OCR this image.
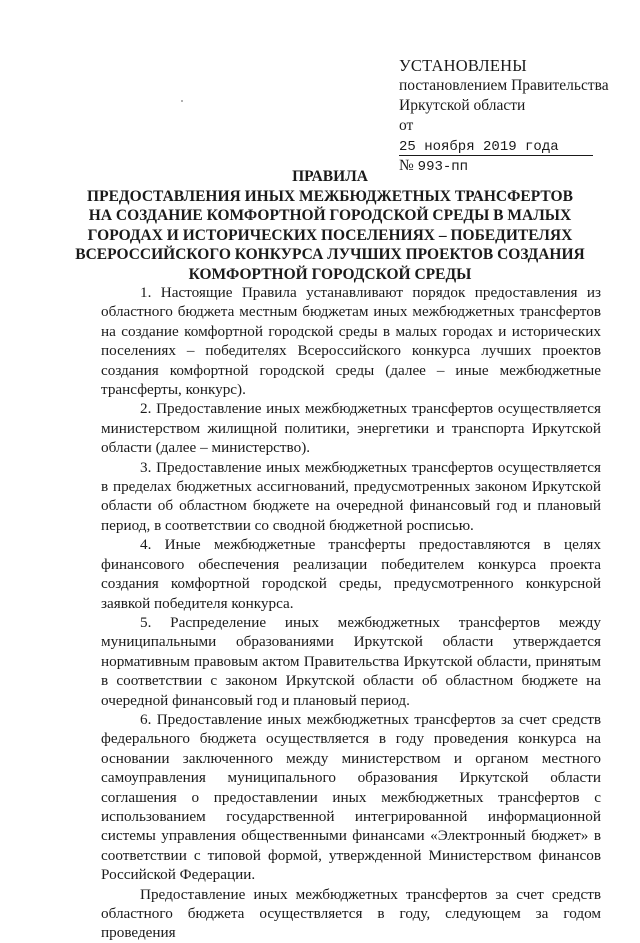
УСТАНОВЛЕНЫ
постановлением Правительства
Иркутской области
от 25 ноября 2019 года
№ 993-пп
ПРАВИЛА
ПРЕДОСТАВЛЕНИЯ ИНЫХ МЕЖБЮДЖЕТНЫХ ТРАНСФЕРТОВ
НА СОЗДАНИЕ КОМФОРТНОЙ ГОРОДСКОЙ СРЕДЫ В МАЛЫХ
ГОРОДАХ И ИСТОРИЧЕСКИХ ПОСЕЛЕНИЯХ – ПОБЕДИТЕЛЯХ
ВСЕРОССИЙСКОГО КОНКУРСА ЛУЧШИХ ПРОЕКТОВ СОЗДАНИЯ
КОМФОРТНОЙ ГОРОДСКОЙ СРЕДЫ

1. Настоящие Правила устанавливают порядок предоставления из областного бюджета местным бюджетам иных межбюджетных трансфертов на создание комфортной городской среды в малых городах и исторических поселениях – победителях Всероссийского конкурса лучших проектов создания комфортной городской среды (далее – иные межбюджетные трансферты, конкурс).

2. Предоставление иных межбюджетных трансфертов осуществляется министерством жилищной политики, энергетики и транспорта Иркутской области (далее – министерство).

3. Предоставление иных межбюджетных трансфертов осуществляется в пределах бюджетных ассигнований, предусмотренных законом Иркутской области об областном бюджете на очередной финансовый год и плановый период, в соответствии со сводной бюджетной росписью.

4. Иные межбюджетные трансферты предоставляются в целях финансового обеспечения реализации победителем конкурса проекта создания комфортной городской среды, предусмотренного конкурсной заявкой победителя конкурса.

5. Распределение иных межбюджетных трансфертов между муниципальными образованиями Иркутской области утверждается нормативным правовым актом Правительства Иркутской области, принятым в соответствии с законом Иркутской области об областном бюджете на очередной финансовый год и плановый период.

6. Предоставление иных межбюджетных трансфертов за счет средств федерального бюджета осуществляется в году проведения конкурса на основании заключенного между министерством и органом местного самоуправления муниципального образования Иркутской области соглашения о предоставлении иных межбюджетных трансфертов с использованием государственной интегрированной информационной системы управления общественными финансами «Электронный бюджет» в соответствии с типовой формой, утвержденной Министерством финансов Российской Федерации.

Предоставление иных межбюджетных трансфертов за счет средств областного бюджета осуществляется в году, следующем за годом проведения
